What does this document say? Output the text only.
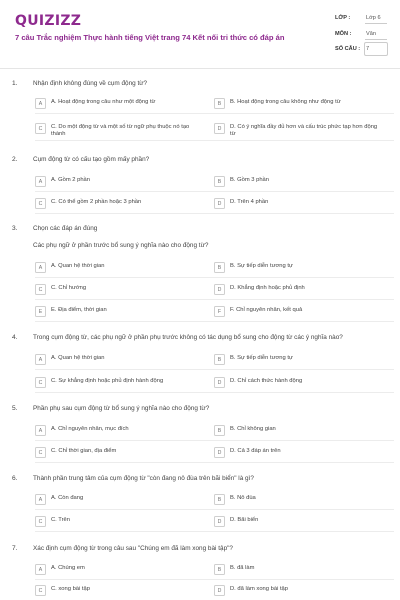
QUIZIZZ
7 câu Trắc nghiệm Thực hành tiếng Việt trang 74 Kết nối tri thức có đáp án
LỚP :	Lớp 6
MÔN :	Văn
SỐ CÂU : 7
1. Nhận định không đúng về cụm động từ?
A	A. Hoạt động trong câu như một động từ	B	B. Hoạt động trong câu không như động từ
C	C. Do một động từ và một số từ ngữ phụ thuộc nó tạo thành
D	D. Có ý nghĩa đầy đủ hơn và cấu trúc phức tạp hơn động từ
2. Cụm động từ có cấu tạo gồm mấy phần?
A	A. Gồm 2 phần	B	B. Gồm 3 phần
C	C. Có thể gồm 2 phần hoặc 3 phần	D	D. Trên 4 phần
3. Chọn các đáp án đúng
Các phụ ngữ ở phần trước bổ sung ý nghĩa nào cho động từ?
A	A. Quan hệ thời gian	B	B. Sự tiếp diễn tương tự
C	C. Chỉ hướng	D	D. Khẳng định hoặc phủ định
E	E. Địa điểm, thời gian	F	F. Chỉ nguyên nhân, kết quả
4. Trong cụm động từ, các phụ ngữ ở phần phụ trước không có tác dụng bổ sung cho động từ các ý nghĩa nào?
A	A. Quan hệ thời gian	B	B. Sự tiếp diễn tương tự
C	C. Sự khẳng định hoặc phủ định hành động	D	D. Chỉ cách thức hành động
5. Phần phụ sau cụm động từ bổ sung ý nghĩa nào cho động từ?
A	A. Chỉ nguyên nhân, mục đích	B	B. Chỉ không gian
C	C. Chỉ thời gian, địa điểm	D	D. Cả 3 đáp án trên
6. Thành phần trung tâm của cụm động từ "còn đang nô đùa trên bãi biển" là gì?
A	A. Còn đang	B	B. Nô đùa
C	C. Trên	D	D. Bãi biển
7. Xác định cụm động từ trong câu sau "Chúng em đã làm xong bài tập"?
A	A. Chúng em	B	B. đã làm
C	C. xong bài tập	D	D. đã làm xong bài tập
